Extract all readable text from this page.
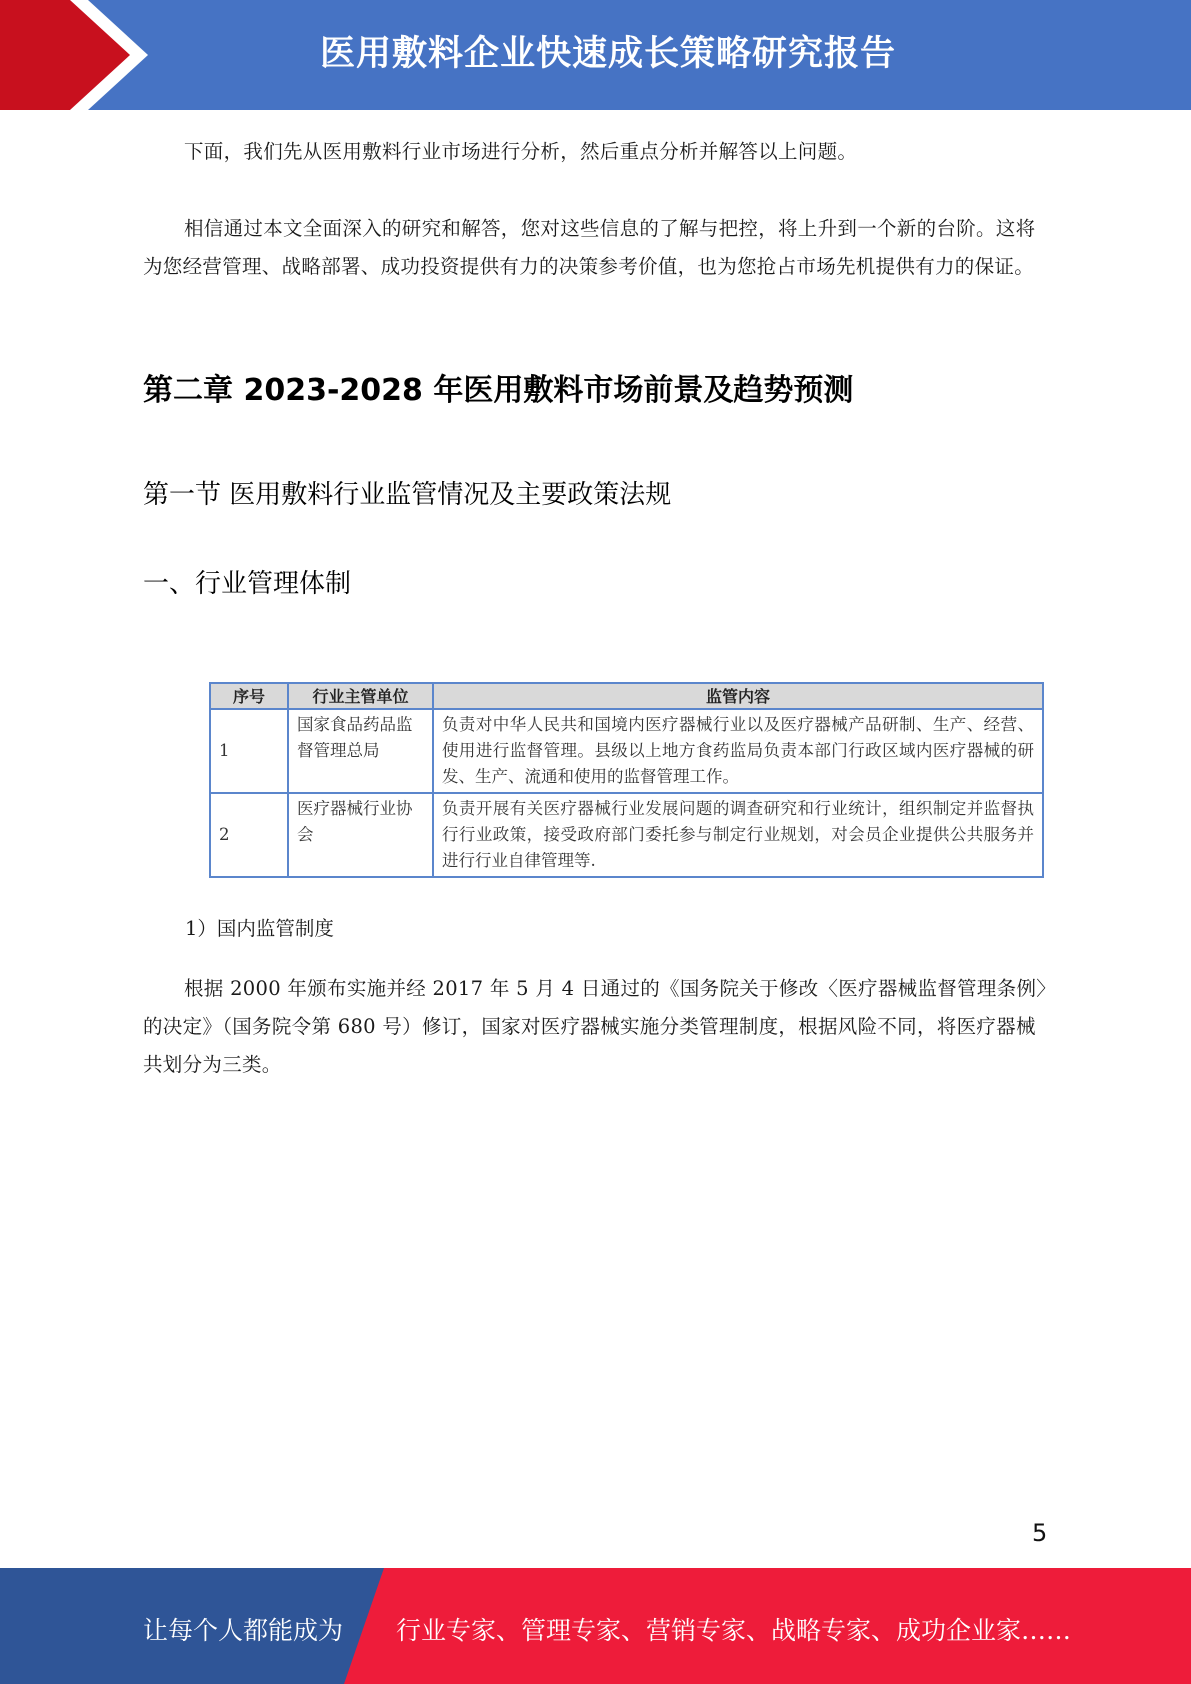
医用敷料企业快速成长策略研究报告
下面，我们先从医用敷料行业市场进行分析，然后重点分析并解答以上问题。
相信通过本文全面深入的研究和解答，您对这些信息的了解与把控，将上升到一个新的台阶。这将为您经营管理、战略部署、成功投资提供有力的决策参考价值，也为您抢占市场先机提供有力的保证。
第二章 2023-2028 年医用敷料市场前景及趋势预测
第一节 医用敷料行业监管情况及主要政策法规
一、行业管理体制
序号	行业主管单位	监管内容
1	国家食品药品监督管理总局	负责对中华人民共和国境内医疗器械行业以及医疗器械产品研制、生产、经营、使用进行监督管理。县级以上地方食药监局负责本部门行政区域内医疗器械的研发、生产、流通和使用的监督管理工作。
2	医疗器械行业协会	负责开展有关医疗器械行业发展问题的调查研究和行业统计，组织制定并监督执行行业政策，接受政府部门委托参与制定行业规划，对会员企业提供公共服务并进行行业自律管理等.
1）国内监管制度
根据 2000 年颁布实施并经 2017 年 5 月 4 日通过的《国务院关于修改〈医疗器械监督管理条例〉的决定》（国务院令第 680 号）修订，国家对医疗器械实施分类管理制度，根据风险不同，将医疗器械共划分为三类。
5
让每个人都能成为 行业专家、管理专家、营销专家、战略专家、成功企业家……
